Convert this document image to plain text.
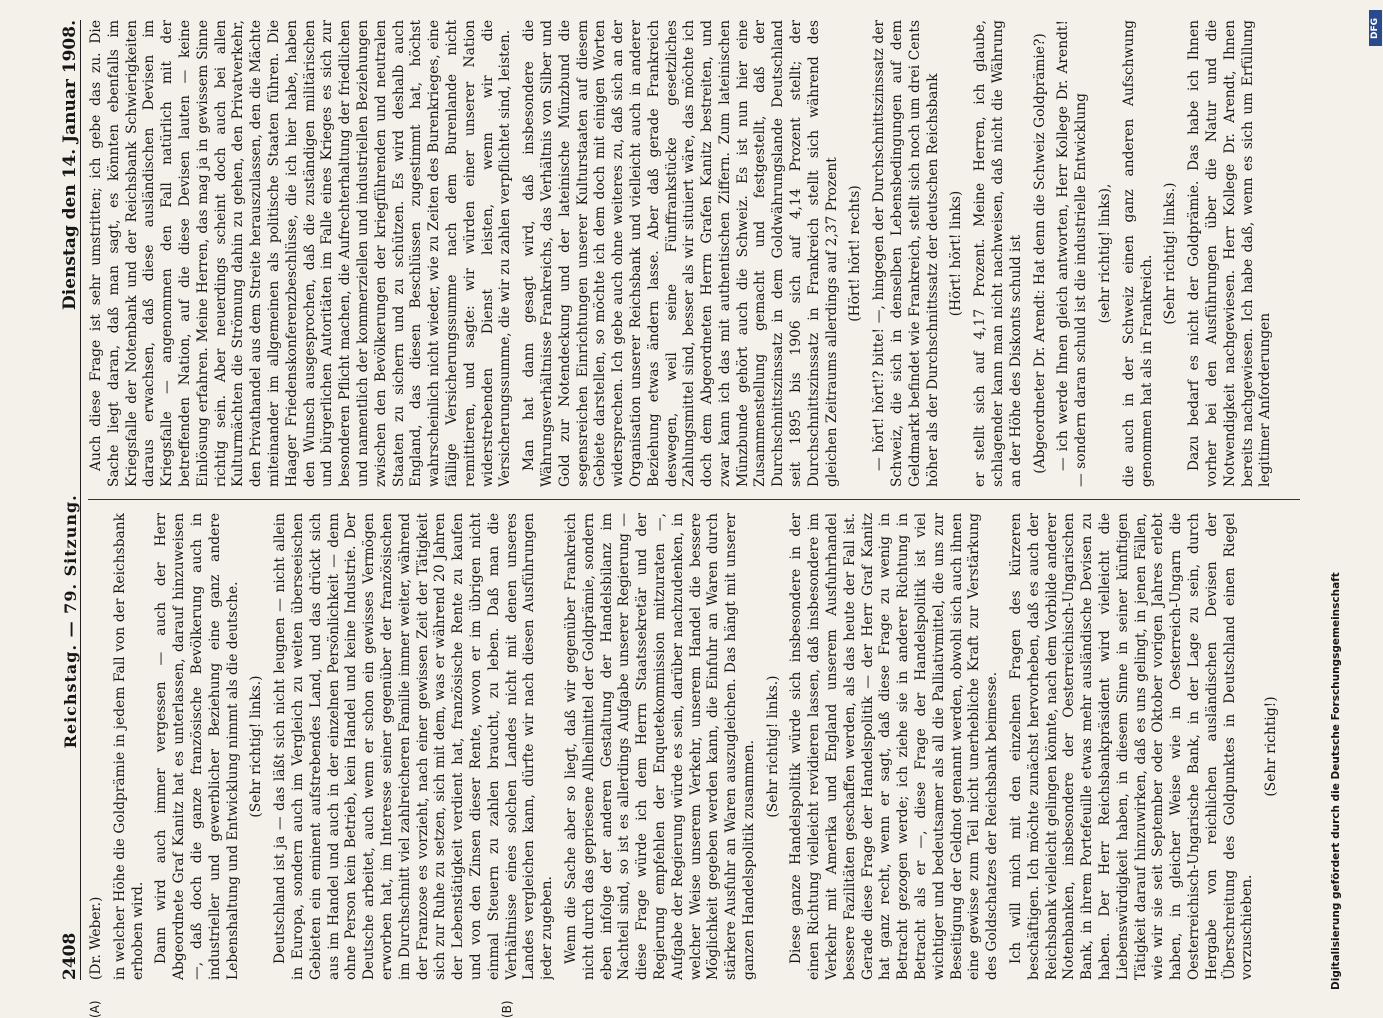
2408
Reichstag. — 79. Sitzung.
Dienstag den 14. Januar 1908.
(A)	(B)

(Dr. Weber.) in welcher Höhe die Goldprämie in jedem Fall von der Reichsbank erhoben wird. Dann wird auch immer vergessen — auch der Herr Abgeordnete Graf Kanitz hat es unterlassen, darauf hinzuweisen —, daß doch die ganze französische Bevölkerung auch in industrieller und gewerblicher Beziehung eine ganz andere Lebenshaltung und Entwicklung nimmt als die deutsche. (Sehr richtig! links.) Deutschland ist ja — das läßt sich nicht leugnen — nicht allein in Europa, sondern auch im Vergleich zu weiten überseeischen Gebieten ein eminent aufstrebendes Land, und das drückt sich aus im Handel und auch in der einzelnen Persönlichkeit — denn ohne Person kein Betrieb, kein Handel und keine Industrie. Der Deutsche arbeitet, auch wenn er schon ein gewisses Vermögen erworben hat, im Interesse seiner gegenüber der französischen im Durchschnitt viel zahlreicheren Familie immer weiter, während der Franzose es vorzieht, nach einer gewissen Zeit der Tätigkeit sich zur Ruhe zu setzen, sich mit dem, was er während 20 Jahren der Lebenstätigkeit verdient hat, französische Rente zu kaufen und von den Zinsen dieser Rente, wovon er im übrigen nicht einmal Steuern zu zahlen braucht, zu leben. Daß man die Verhältnisse eines solchen Landes nicht mit denen unseres Landes vergleichen kann, dürfte wir nach diesen Ausführungen jeder zugeben. Wenn die Sache aber so liegt, daß wir gegenüber Frankreich nicht durch das gepriesene Allheilmittel der Goldprämie, sondern eben infolge der anderen Gestaltung der Handelsbilanz im Nachteil sind, so ist es allerdings Aufgabe unserer Regierung — diese Frage würde ich dem Herrn Staatssekretär und der Regierung empfehlen der Enquetekommission mitzuraten —, Aufgabe der Regierung würde es sein, darüber nachzudenken, in welcher Weise unserem Verkehr, unserem Handel die bessere Möglichkeit gegeben werden kann, die Einfuhr an Waren durch stärkere Ausfuhr an Waren auszugleichen. Das hängt mit unserer ganzen Handelspolitik zusammen. (Sehr richtig! links.) Diese ganze Handelspolitik würde sich insbesondere in der einen Richtung vielleicht revidieren lassen, daß insbesondere im Verkehr mit Amerika und England unserem Ausfuhrhandel bessere Fazilitäten geschaffen werden, als das heute der Fall ist. Gerade diese Frage der Handelspolitik — der Herr Graf Kanitz hat ganz recht, wenn er sagt, daß diese Frage zu wenig in Betracht gezogen werde; ich ziehe sie in anderer Richtung in Betracht als er —, diese Frage der Handelspolitik ist viel wichtiger und bedeutsamer als all die Palliativmittel, die uns zur Beseitigung der Geldnot genannt werden, obwohl sich auch ihnen eine gewisse zum Teil nicht unerhebliche Kraft zur Verstärkung des Goldschatzes der Reichsbank beimesse. Ich will mich mit den einzelnen Fragen des kürzeren beschäftigen. Ich möchte zunächst hervorheben, daß es auch der Reichsbank vielleicht gelingen könnte, nach dem Vorbilde anderer Notenbanken, insbesondere der Oesterreichisch-Ungarischen Bank, in ihrem Portefeuille etwas mehr ausländische Devisen zu haben. Der Herr Reichsbankpräsident wird vielleicht die Liebenswürdigkeit haben, in diesem Sinne in seiner künftigen Tätigkeit darauf hinzuwirken, daß es uns gelingt, in jenen Fällen, wie wir sie seit September oder Oktober vorigen Jahres erlebt haben, in gleicher Weise wie in Oesterreich-Ungarn die Oesterreichisch-Ungarische Bank, in der Lage zu sein, durch Hergabe von reichlichen ausländischen Devisen der Überschreitung des Goldpunktes in Deutschland einen Riegel vorzuschieben.

(Sehr richtig!)

Auch diese Frage ist sehr umstritten; ich gebe das zu. Die Sache liegt daran, daß man sagt, es könnten ebenfalls im Kriegsfalle der Notenbank und der Reichsbank Schwierigkeiten daraus erwachsen, daß diese ausländischen Devisen im Kriegsfalle — angenommen den Fall natürlich mit der betreffenden Nation, auf die diese Devisen lauten — keine Einlösung erfahren. Meine Herren, das mag ja in gewissem Sinne richtig sein. Aber neuerdings scheint doch auch bei allen Kulturmächten die Strömung dahin zu gehen, den Privatverkehr, den Privathandel aus dem Streite herauszulassen, den die Mächte miteinander im allgemeinen als politische Staaten führen. Die Haager Friedenskonferenzbeschlüsse, die ich hier habe, haben den Wunsch ausgesprochen, daß die zuständigen militärischen und bürgerlichen Autoritäten im Falle eines Krieges es sich zur besonderen Pflicht machen, die Aufrechterhaltung der friedlichen und namentlich der kommerziellen und industriellen Beziehungen zwischen den Bevölkerungen der kriegführenden und neutralen Staaten zu sichern und zu schützen. Es wird deshalb auch England, das diesen Beschlüssen zugestimmt hat, höchst wahrscheinlich nicht wieder, wie zu Zeiten des Burenkrieges, eine fällige Versicherungssumme nach dem Burenlande nicht remittieren, und sagte: wir würden einer unserer Nation widerstrebenden Dienst leisten, wenn wir die Versicherungssumme, die wir zu zahlen verpflichtet sind, leisten. Man hat dann gesagt wird, daß insbesondere die Währungsverhältnisse Frankreichs, das Verhältnis von Silber und Gold zur Notendeckung und der lateinische Münzbund die segensreichen Einrichtungen unserer Kulturstaaten auf diesem Gebiete darstellen, so möchte ich dem doch mit einigen Worten widersprechen. Ich gebe auch ohne weiteres zu, daß sich an der Organisation unserer Reichsbank und vielleicht auch in anderer Beziehung etwas ändern lasse. Aber daß gerade Frankreich deswegen, weil seine Fünffrankstücke gesetzliches Zahlungsmittel sind, besser als wir situiert wäre, das möchte ich doch dem Abgeordneten Herrn Grafen Kanitz bestreiten, und zwar kann ich das mit authentischen Ziffern. Zum lateinischen Münzbunde gehört auch die Schweiz. Es ist nun hier eine Zusammenstellung gemacht und festgestellt, daß der Durchschnittszinssatz in dem Goldwährungslande Deutschland seit 1895 bis 1906 sich auf 4,14 Prozent stellt; der Durchschnittszinssatz in Frankreich stellt sich während des gleichen Zeitraums allerdings auf 2,37 Prozent (Hört! hört! rechts) — hört! hört!? bitte! —, hingegen der Durchschnittszinssatz der Schweiz, die sich in denselben Lebensbedingungen auf dem Geldmarkt befindet wie Frankreich, stellt sich noch um drei Cents höher als der Durchschnittssatz der deutschen Reichsbank (Hört! hört! links) er stellt sich auf 4,17 Prozent. Meine Herren, ich glaube, schlagender kann man nicht nachweisen, daß nicht die Währung an der Höhe des Diskonts schuld ist (Abgeordneter Dr. Arendt: Hat denn die Schweiz Goldprämie?) — ich werde Ihnen gleich antworten, Herr Kollege Dr. Arendt! — sondern daran schuld ist die industrielle Entwicklung (sehr richtig! links), die auch in der Schweiz einen ganz anderen Aufschwung genommen hat als in Frankreich.

(Sehr richtig! links.) Dazu bedarf es nicht der Goldprämie. Das habe ich Ihnen vorher bei den Ausführungen über die Natur und die Notwendigkeit nachgewiesen. Herr Kollege Dr. Arendt, Ihnen bereits nachgewiesen. Ich habe daß, wenn es sich um Erfüllung legitimer Anforderungen

DFG
Digitalisierung gefördert durch die Deutsche Forschungsgemeinschaft
